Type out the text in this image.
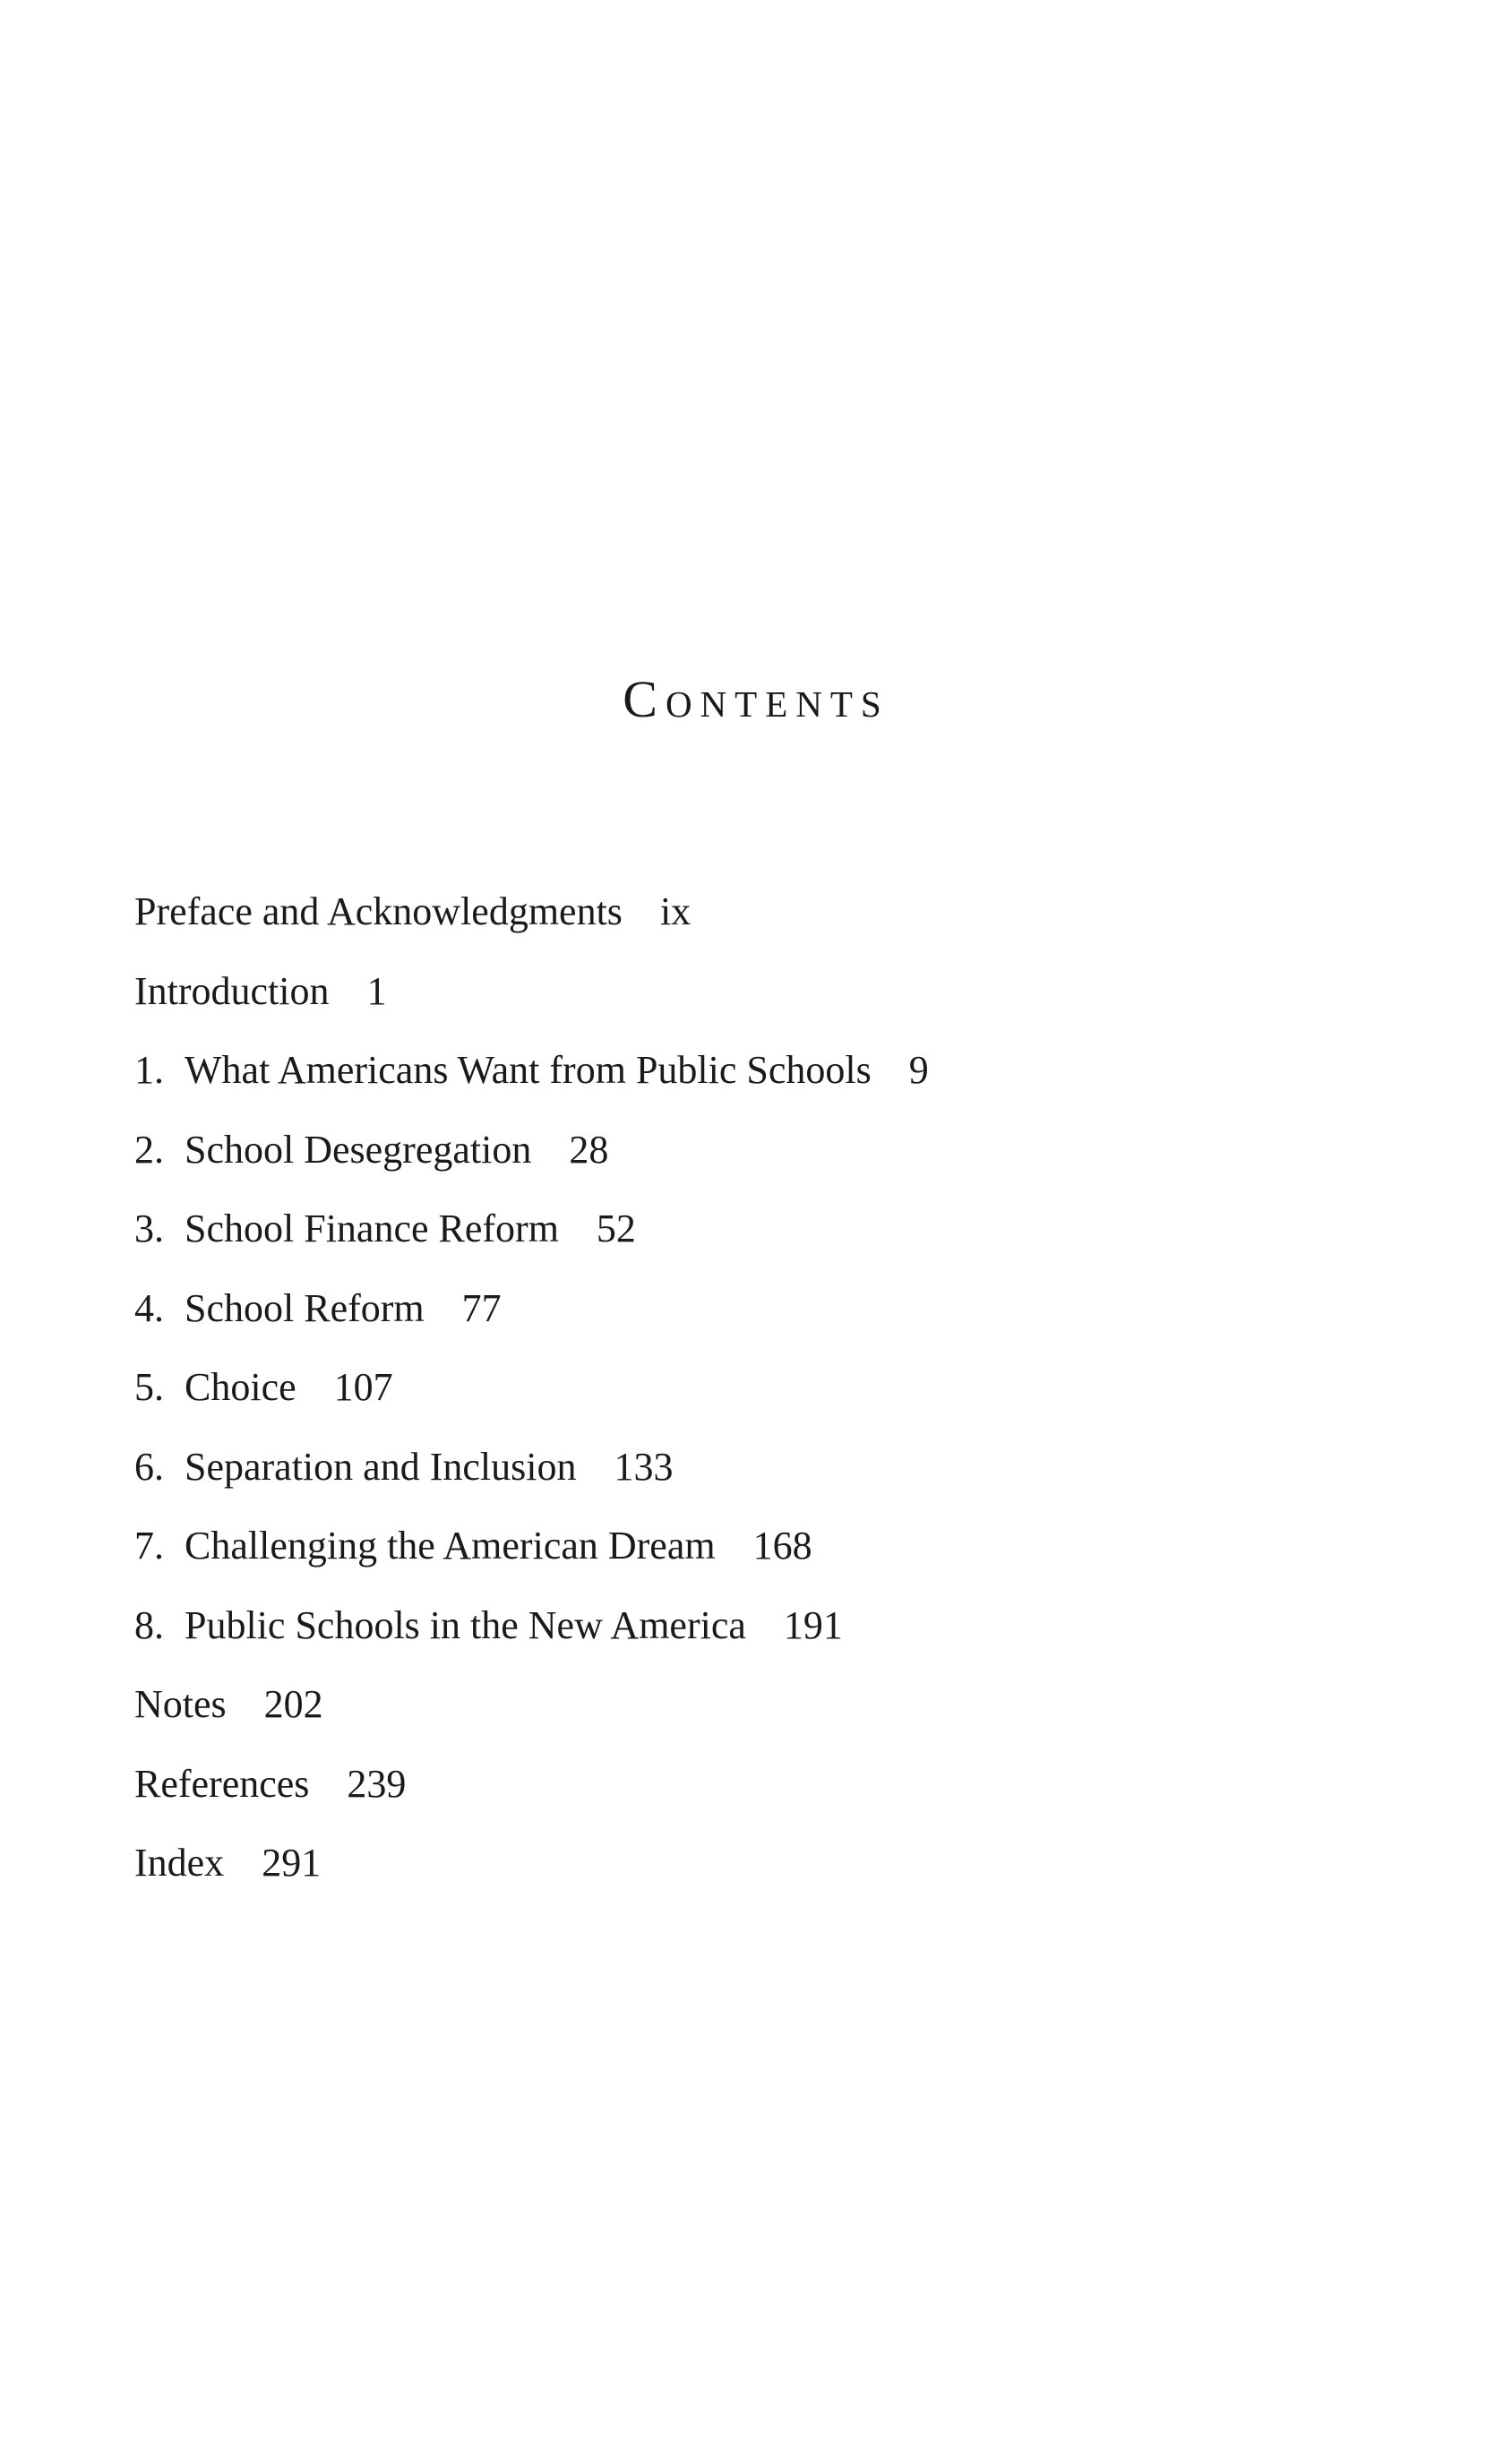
Contents
Preface and Acknowledgments ix
Introduction 1
1. What Americans Want from Public Schools 9
2. School Desegregation 28
3. School Finance Reform 52
4. School Reform 77
5. Choice 107
6. Separation and Inclusion 133
7. Challenging the American Dream 168
8. Public Schools in the New America 191
Notes 202
References 239
Index 291
